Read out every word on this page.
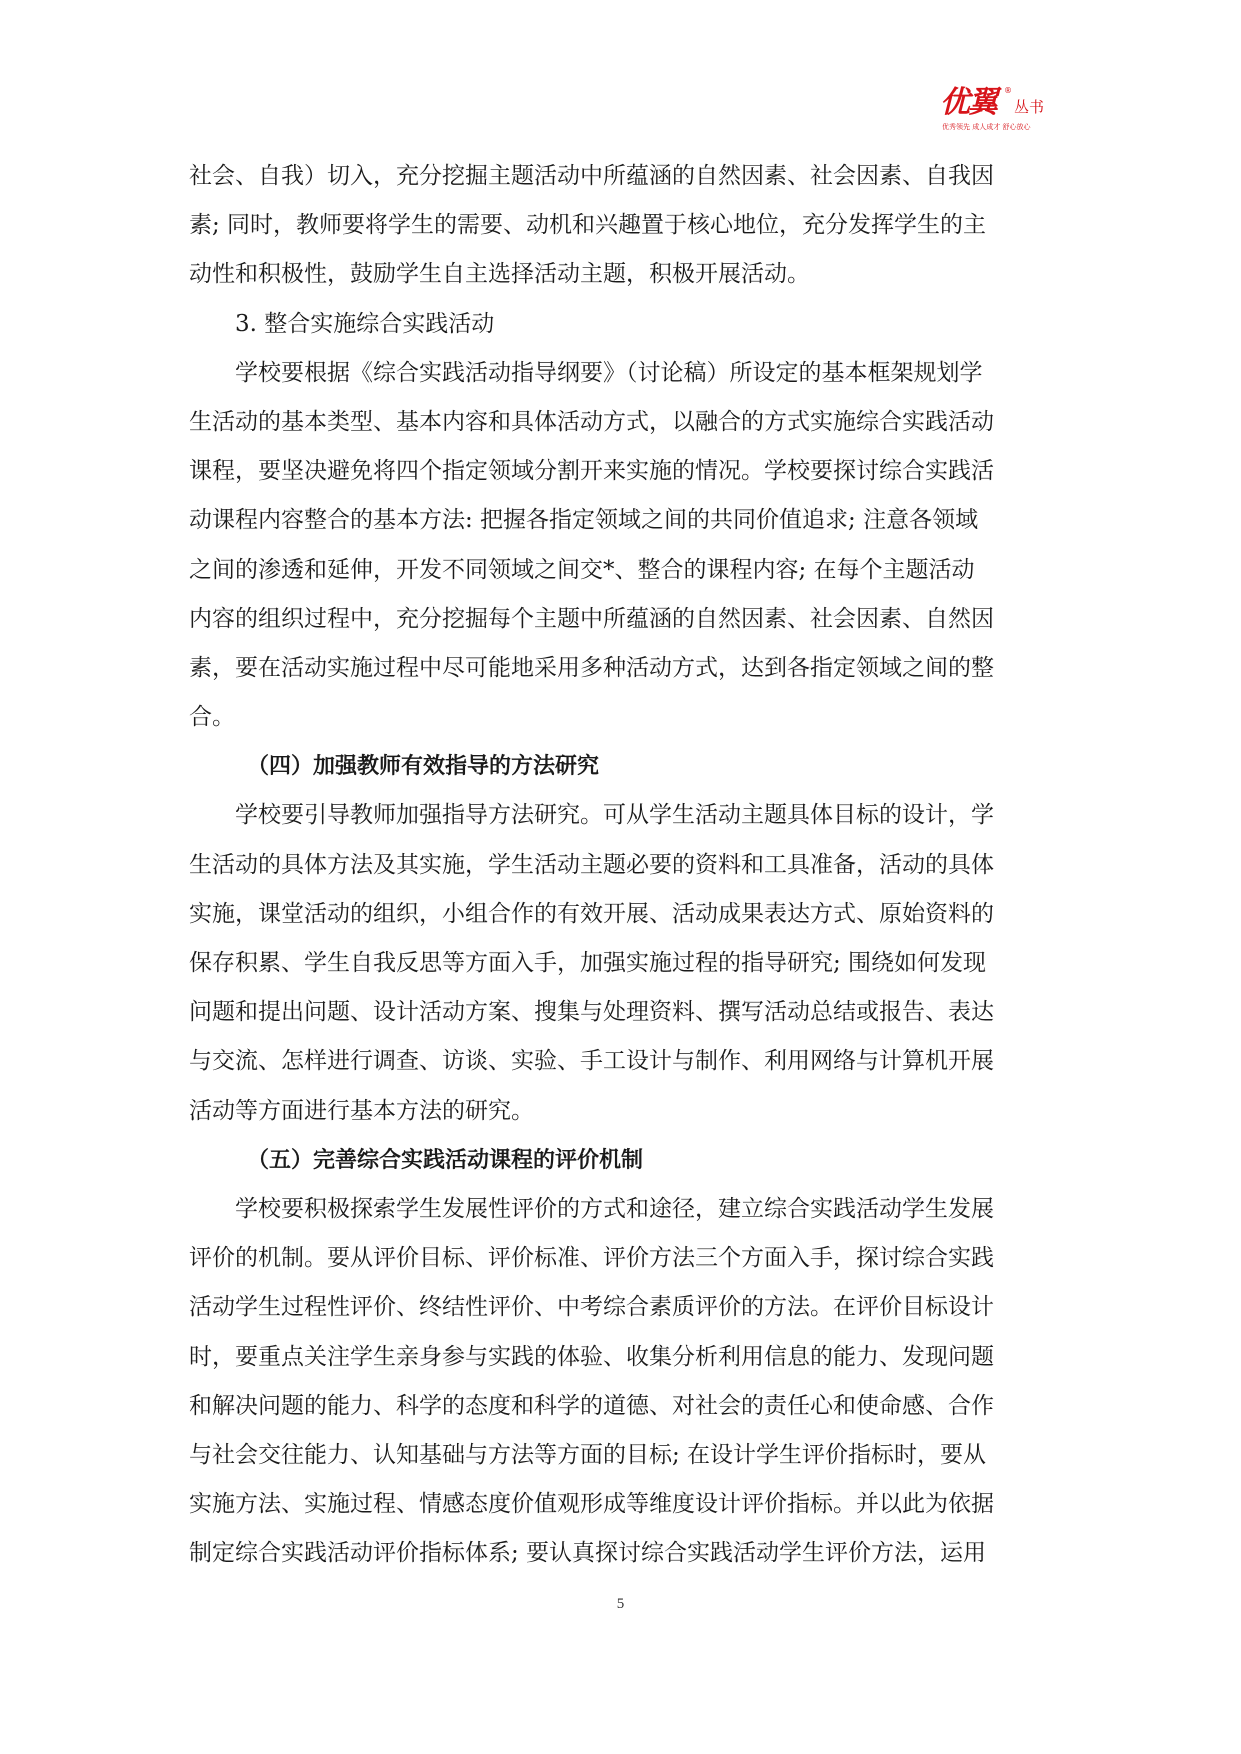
优翼 ®
丛书
优秀领先 成人成才 舒心放心
社会、自我）切入，充分挖掘主题活动中所蕴涵的自然因素、社会因素、自我因
素; 同时，教师要将学生的需要、动机和兴趣置于核心地位，充分发挥学生的主
动性和积极性，鼓励学生自主选择活动主题，积极开展活动。
3. 整合实施综合实践活动
学校要根据《综合实践活动指导纲要》（讨论稿）所设定的基本框架规划学
生活动的基本类型、基本内容和具体活动方式，以融合的方式实施综合实践活动
课程，要坚决避免将四个指定领域分割开来实施的情况。学校要探讨综合实践活
动课程内容整合的基本方法: 把握各指定领域之间的共同价值追求; 注意各领域
之间的渗透和延伸，开发不同领域之间交*、整合的课程内容; 在每个主题活动
内容的组织过程中，充分挖掘每个主题中所蕴涵的自然因素、社会因素、自然因
素，要在活动实施过程中尽可能地采用多种活动方式，达到各指定领域之间的整
合。
（四）加强教师有效指导的方法研究
学校要引导教师加强指导方法研究。可从学生活动主题具体目标的设计，学
生活动的具体方法及其实施，学生活动主题必要的资料和工具准备，活动的具体
实施，课堂活动的组织，小组合作的有效开展、活动成果表达方式、原始资料的
保存积累、学生自我反思等方面入手，加强实施过程的指导研究; 围绕如何发现
问题和提出问题、设计活动方案、搜集与处理资料、撰写活动总结或报告、表达
与交流、怎样进行调查、访谈、实验、手工设计与制作、利用网络与计算机开展
活动等方面进行基本方法的研究。
（五）完善综合实践活动课程的评价机制
学校要积极探索学生发展性评价的方式和途径，建立综合实践活动学生发展
评价的机制。要从评价目标、评价标准、评价方法三个方面入手，探讨综合实践
活动学生过程性评价、终结性评价、中考综合素质评价的方法。在评价目标设计
时，要重点关注学生亲身参与实践的体验、收集分析利用信息的能力、发现问题
和解决问题的能力、科学的态度和科学的道德、对社会的责任心和使命感、合作
与社会交往能力、认知基础与方法等方面的目标; 在设计学生评价指标时，要从
实施方法、实施过程、情感态度价值观形成等维度设计评价指标。并以此为依据
制定综合实践活动评价指标体系; 要认真探讨综合实践活动学生评价方法，运用
5
